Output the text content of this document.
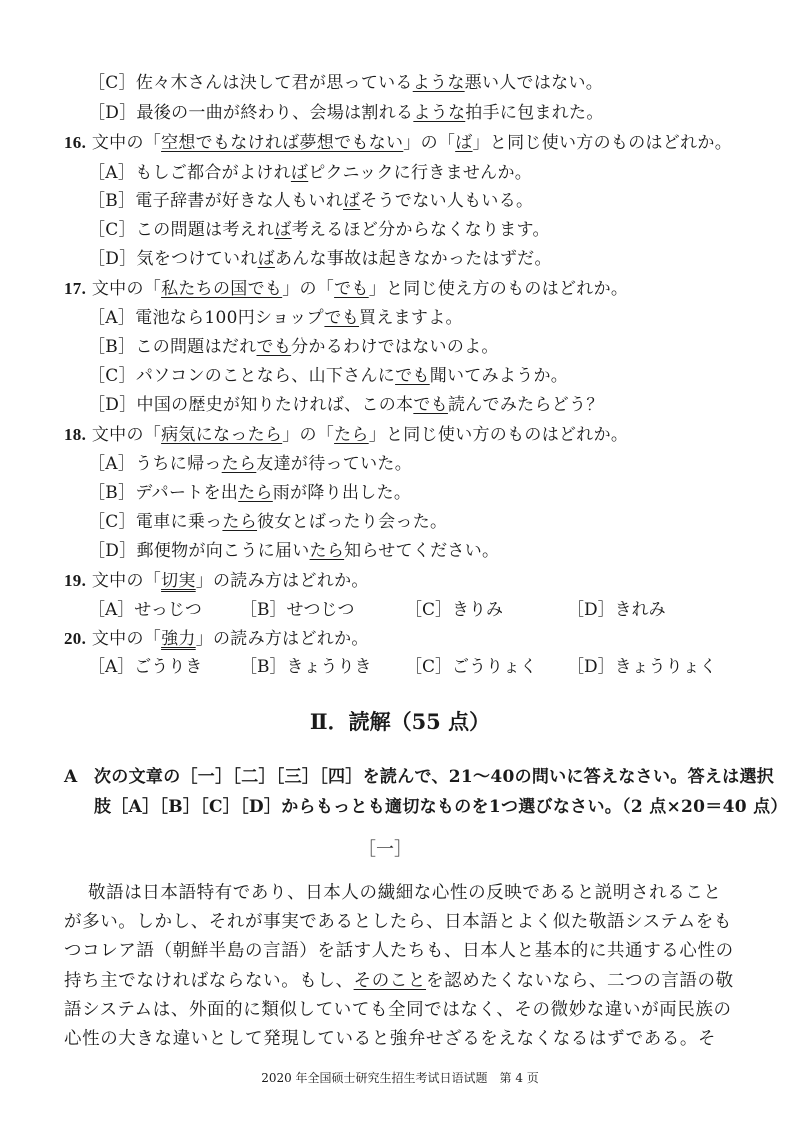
［C］佐々木さんは決して君が思っているような悪い人ではない。
［D］最後の一曲が終わり、会場は割れるような拍手に包まれた。
16. 文中の「空想でもなければ夢想でもない」の「ば」と同じ使い方のものはどれか。
［A］もしご都合がよければピクニックに行きませんか。
［B］電子辞書が好きな人もいればそうでない人もいる。
［C］この問題は考えれば考えるほど分からなくなります。
［D］気をつけていればあんな事故は起きなかったはずだ。
17. 文中の「私たちの国でも」の「でも」と同じ使え方のものはどれか。
［A］電池なら100円ショップでも買えますよ。
［B］この問題はだれでも分かるわけではないのよ。
［C］パソコンのことなら、山下さんにでも聞いてみようか。
［D］中国の歴史が知りたければ、この本でも読んでみたらどう？
18. 文中の「病気になったら」の「たら」と同じ使い方のものはどれか。
［A］うちに帰ったら友達が待っていた。
［B］デパートを出たら雨が降り出した。
［C］電車に乗ったら彼女とばったり会った。
［D］郵便物が向こうに届いたら知らせてください。
19. 文中の「切実」の読み方はどれか。
［A］せっじつ ［B］せつじつ	［C］きりみ	［D］きれみ
20. 文中の「強力」の読み方はどれか。
［A］ごうりき ［B］きょうりき ［C］ごうりょく ［D］きょうりょく
Ⅱ．読解（55 点）
A 次の文章の［一］［二］［三］［四］を読んで、21～40の問いに答えなさい。答えは選択
肢［A］［B］［C］［D］からもっとも適切なものを1つ選びなさい。（2 点×20＝40 点）
［一］
敬語は日本語特有であり、日本人の繊細な心性の反映であると説明されること
が多い。しかし、それが事実であるとしたら、日本語とよく似た敬語システムをも
つコレア語（朝鮮半島の言語）を話す人たちも、日本人と基本的に共通する心性の
持ち主でなければならない。もし、そのことを認めたくないなら、二つの言語の敬
語システムは、外面的に類似していても全同ではなく、その微妙な違いが両民族の
心性の大きな違いとして発現していると強弁せざるをえなくなるはずである。そ
2020 年全国硕士研究生招生考试日语试题　第 4 页
